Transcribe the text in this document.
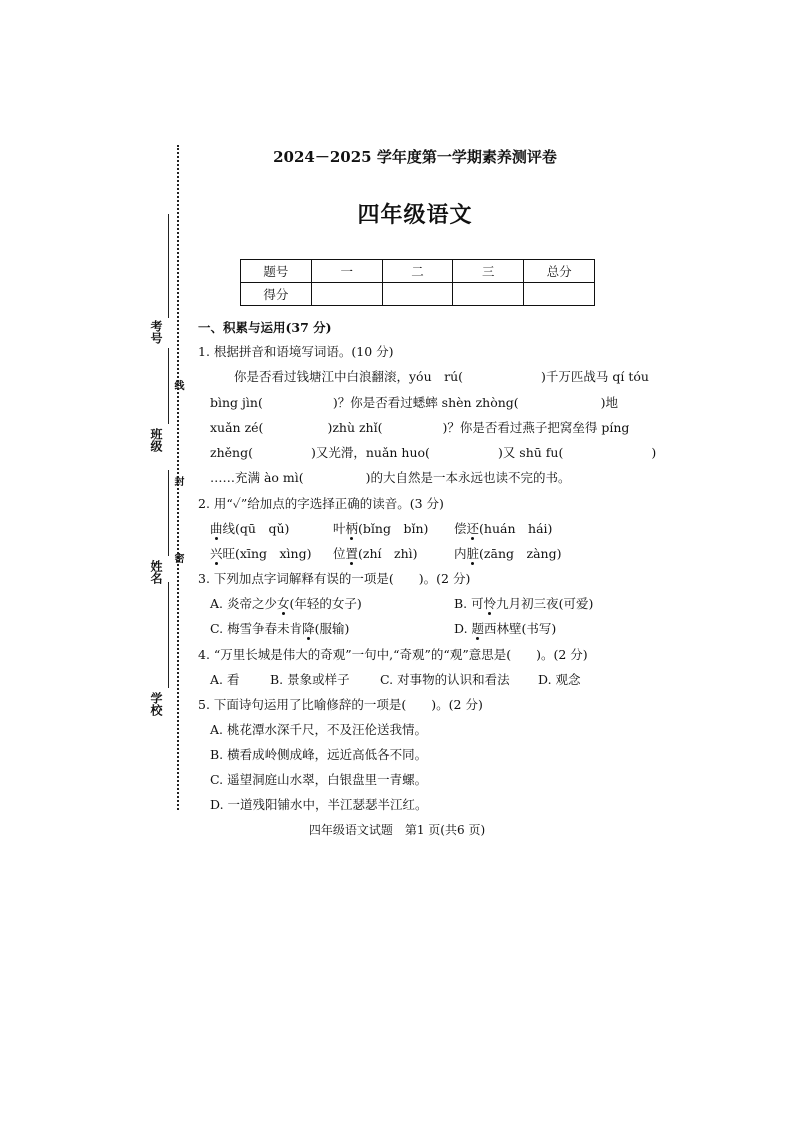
考号
线
班级
封
姓名
密
学校
2024－2025 学年度第一学期素养测评卷
四年级语文
题号	一	二	三	总分
得分				
一、积累与运用(37 分)
1. 根据拼音和语境写词语。(10 分)
你是否看过钱塘江中白浪翻滚，yóu　rú(	)千万匹战马 qí tóu
bìng jìn(	)？你是否看过蟋蟀 shèn zhòng(	)地
xuǎn zé(	)zhù zhǐ(	)？你是否看过燕子把窝垒得 píng
zhěng(	)又光滑，nuǎn huo(	)又 shū fu(	)
……充满 ào mì(	)的大自然是一本永远也读不完的书。
2. 用“✓”给加点的字选择正确的读音。(3 分)
曲线(qū　qǔ)	叶柄(bǐng　bǐn) 偿还(huán　hái)
兴旺(xīng　xìng) 位置(zhí　zhì)	内脏(zāng　zàng)
3. 下列加点字词解释有误的一项是(　　)。(2 分)
A. 炎帝之少女(年轻的女子)	B. 可怜九月初三夜(可爱)
C. 梅雪争春未肯降(服输)	D. 题西林壁(书写)
4. “万里长城是伟大的奇观”一句中,“奇观”的“观”意思是(　　)。(2 分)
A. 看 B. 景象或样子 C. 对事物的认识和看法 D. 观念
5. 下面诗句运用了比喻修辞的一项是(　　)。(2 分)
A. 桃花潭水深千尺，不及汪伦送我情。
B. 横看成岭侧成峰，远近高低各不同。
C. 遥望洞庭山水翠，白银盘里一青螺。
D. 一道残阳铺水中，半江瑟瑟半江红。
四年级语文试题　第1 页(共6 页)
